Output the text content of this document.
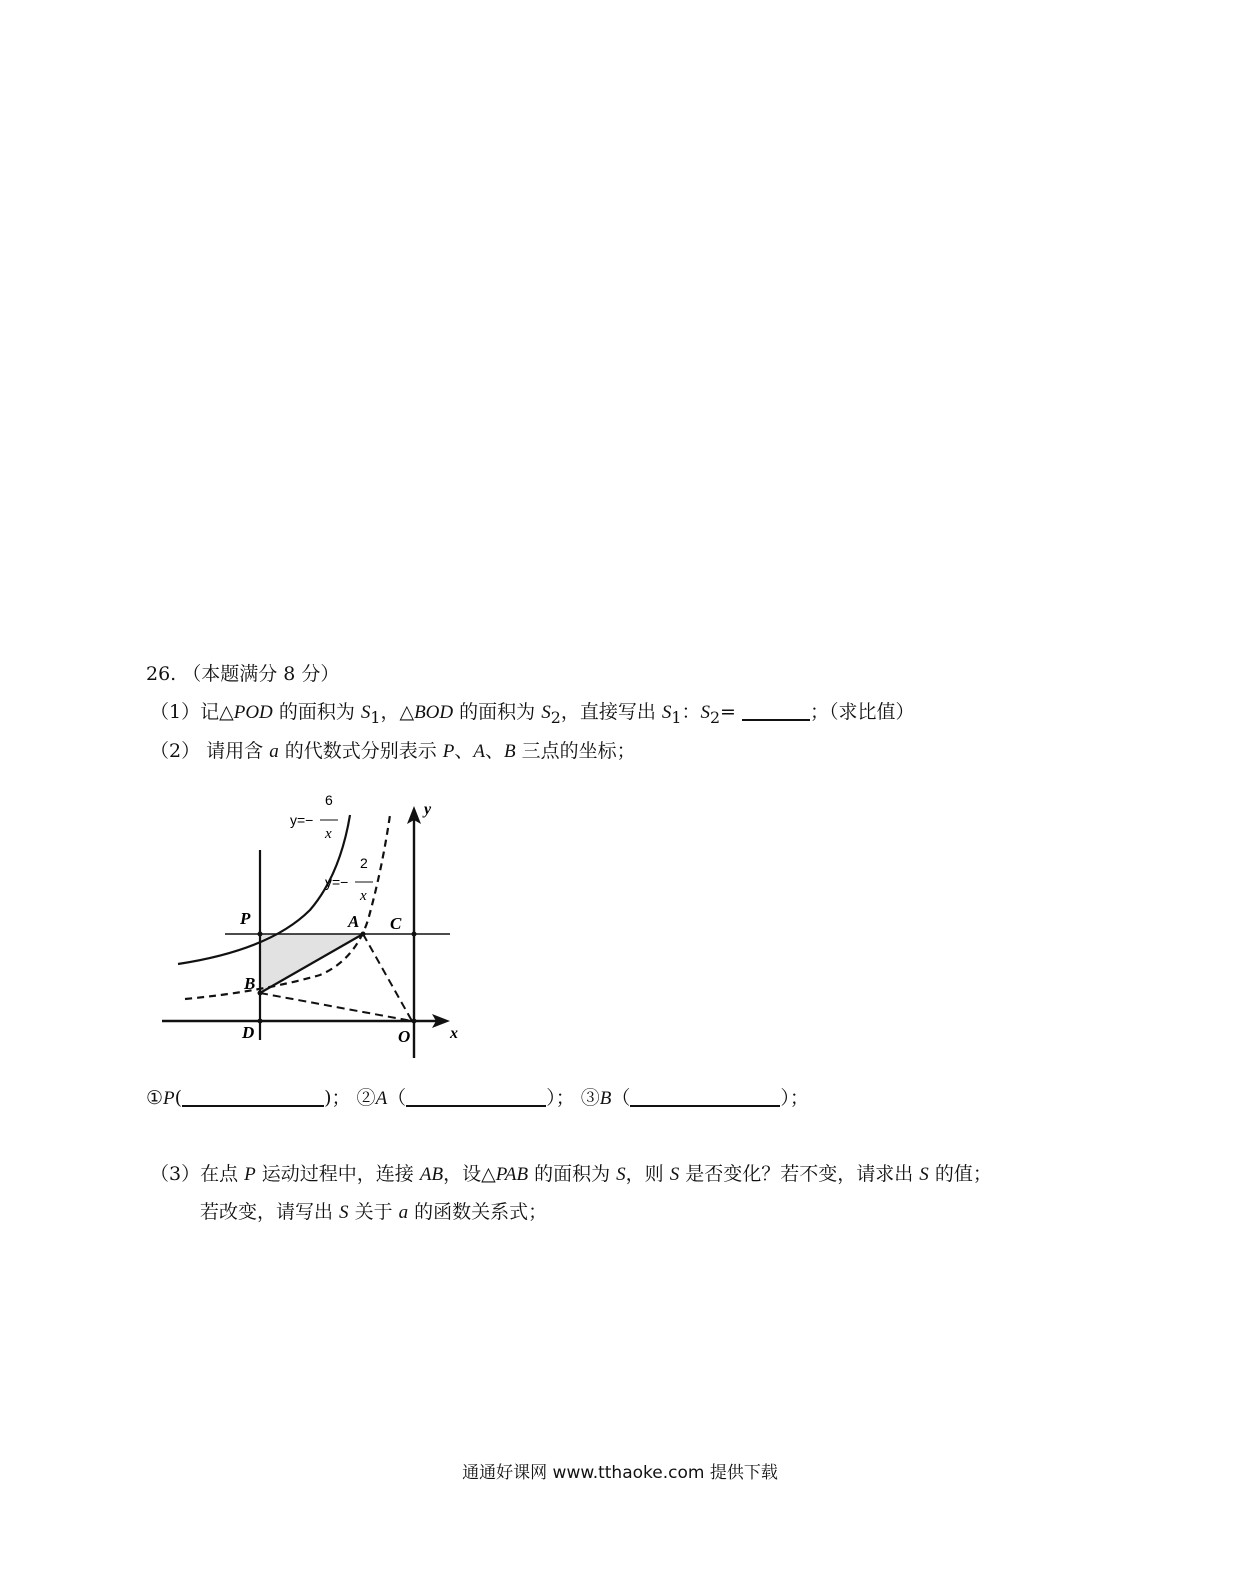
26. （本题满分 8 分）
（1）记△POD 的面积为 $S_1$，△BOD 的面积为 $S_2$，直接写出 $S_1$：$S_2=$	；（求比值）
（2） 请用含 a 的代数式分别表示 P、A、B 三点的坐标；
y=−
6
x
y=−
2
x
P	A C
B
D	O x
y
①P(	)； ②A（	）； ③B（	）；
（3）在点 P 运动过程中，连接 AB，设△PAB 的面积为 S，则 S 是否变化？若不变，请求出 S 的值；
若改变，请写出 S 关于 a 的函数关系式；
通通好课网 www.tthaoke.com 提供下载
